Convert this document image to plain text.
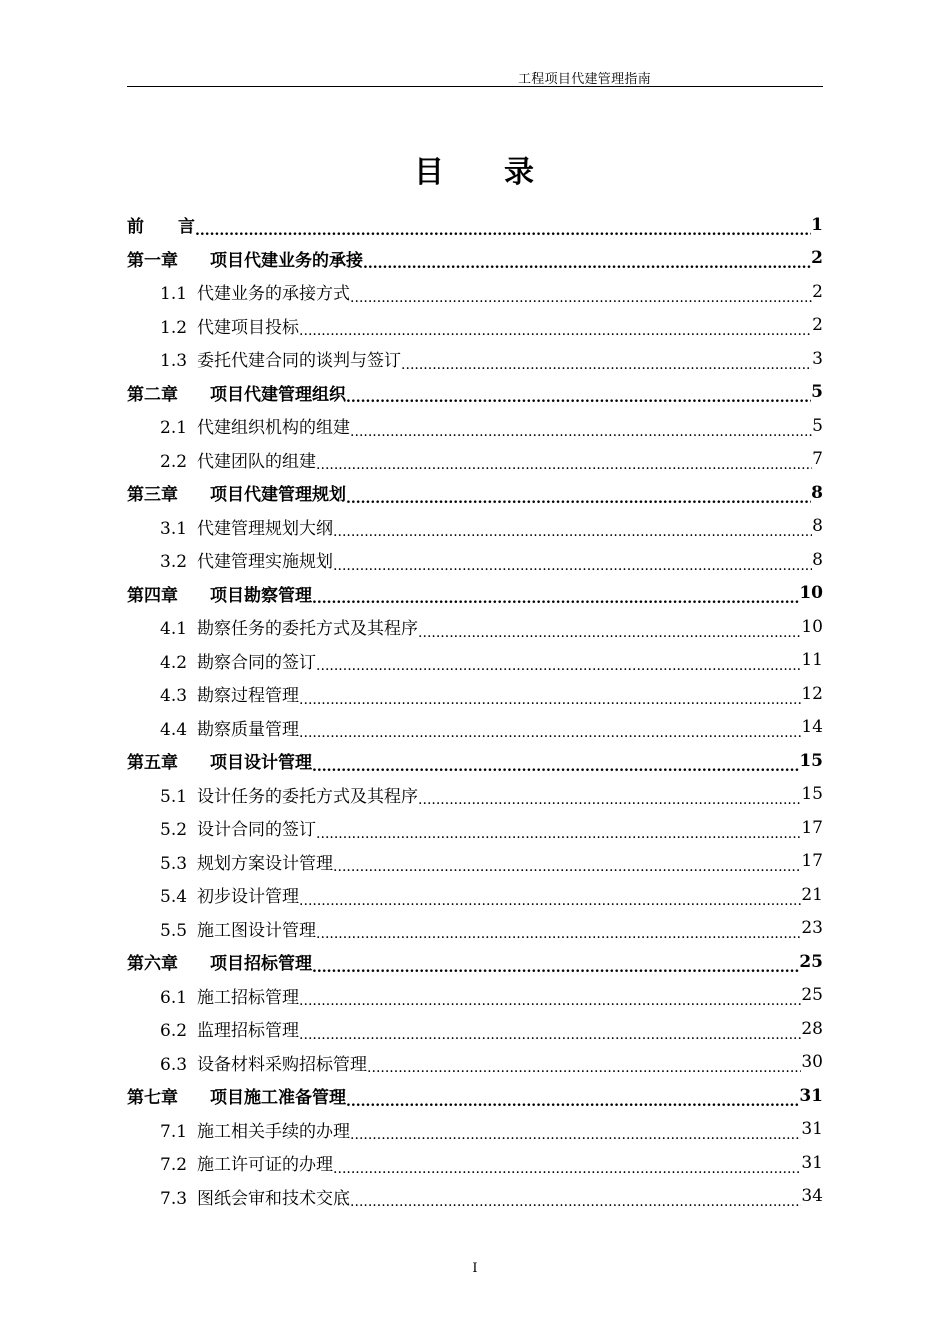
工程项目代建管理指南
目 录
前　　言 .....	1
第一章 项目代建业务的承接 .....	2
1.1 代建业务的承接方式 .....	2
1.2 代建项目投标 .....	2
1.3 委托代建合同的谈判与签订 .....	3
第二章 项目代建管理组织 .....	5
2.1 代建组织机构的组建 .....	5
2.2 代建团队的组建 .....	7
第三章 项目代建管理规划 .....	8
3.1 代建管理规划大纲 .....	8
3.2 代建管理实施规划 .....	8
第四章 项目勘察管理 .....	10
4.1 勘察任务的委托方式及其程序 .....	10
4.2 勘察合同的签订 .....	11
4.3 勘察过程管理 .....	12
4.4 勘察质量管理 .....	14
第五章 项目设计管理 .....	15
5.1 设计任务的委托方式及其程序 .....	15
5.2 设计合同的签订 .....	17
5.3 规划方案设计管理 .....	17
5.4 初步设计管理 .....	21
5.5 施工图设计管理 .....	23
第六章 项目招标管理 .....	25
6.1 施工招标管理 .....	25
6.2 监理招标管理 .....	28
6.3 设备材料采购招标管理 .....	30
第七章 项目施工准备管理 .....	31
7.1 施工相关手续的办理 .....	31
7.2 施工许可证的办理 .....	31
7.3 图纸会审和技术交底 .....	34
I
